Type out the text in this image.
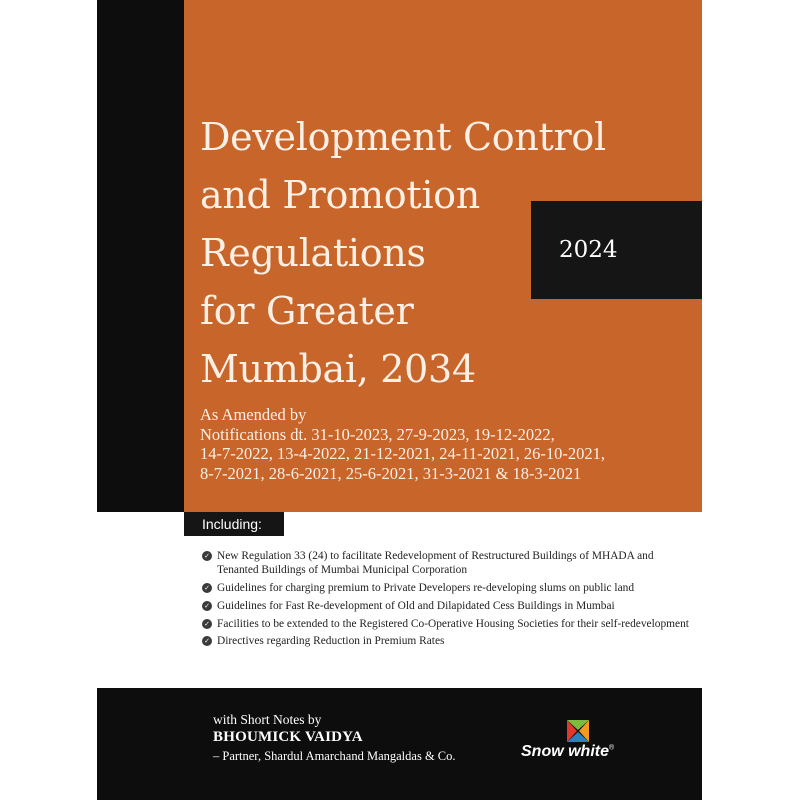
Development Control
and Promotion
Regulations
for Greater
Mumbai, 2034
2024
As Amended by
Notifications dt. 31-10-2023, 27-9-2023, 19-12-2022,
14-7-2022, 13-4-2022, 21-12-2021, 24-11-2021, 26-10-2021,
8-7-2021, 28-6-2021, 25-6-2021, 31-3-2021 & 18-3-2021
Including:
✓ New Regulation 33 (24) to facilitate Redevelopment of Restructured Buildings of MHADA and Tenanted Buildings of Mumbai Municipal Corporation
✓ Guidelines for charging premium to Private Developers re-developing slums on public land
✓ Guidelines for Fast Re-development of Old and Dilapidated Cess Buildings in Mumbai
✓ Facilities to be extended to the Registered Co-Operative Housing Societies for their self-redevelopment
✓ Directives regarding Reduction in Premium Rates
with Short Notes by
BHOUMICK VAIDYA
– Partner, Shardul Amarchand Mangaldas & Co.	Snow white®
